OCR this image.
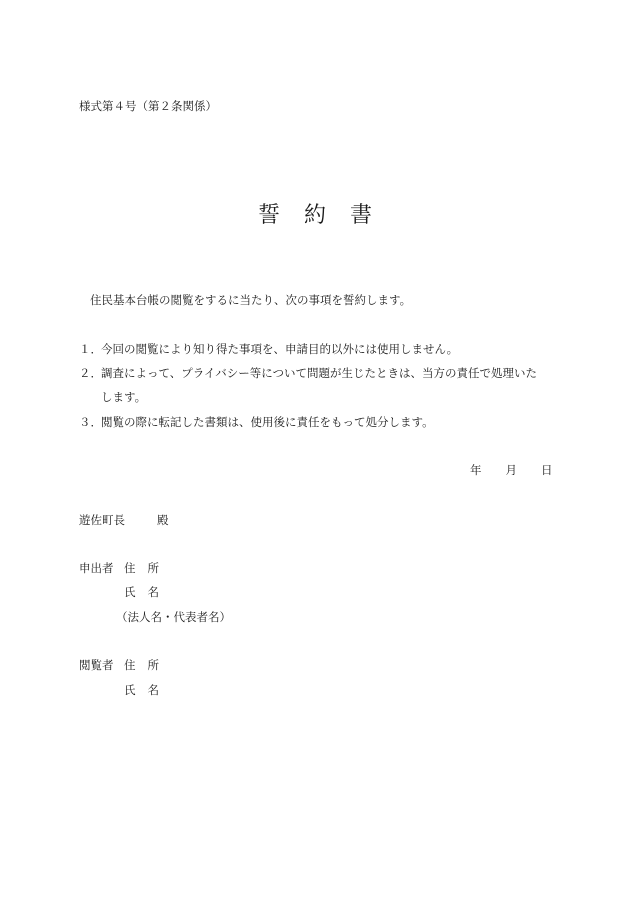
様式第４号（第２条関係）
誓 約 書
住民基本台帳の閲覧をするに当たり、次の事項を誓約します。
１．今回の閲覧により知り得た事項を、申請目的以外には使用しません。
２．調査によって、プライバシー等について問題が生じたときは、当方の責任で処理いた
します。
３．閲覧の際に転記した書類は、使用後に責任をもって処分します。
年 月 日
遊佐町長	殿
申出者 住 所
氏 名
（法人名・代表者名）
閲覧者 住 所
氏 名
